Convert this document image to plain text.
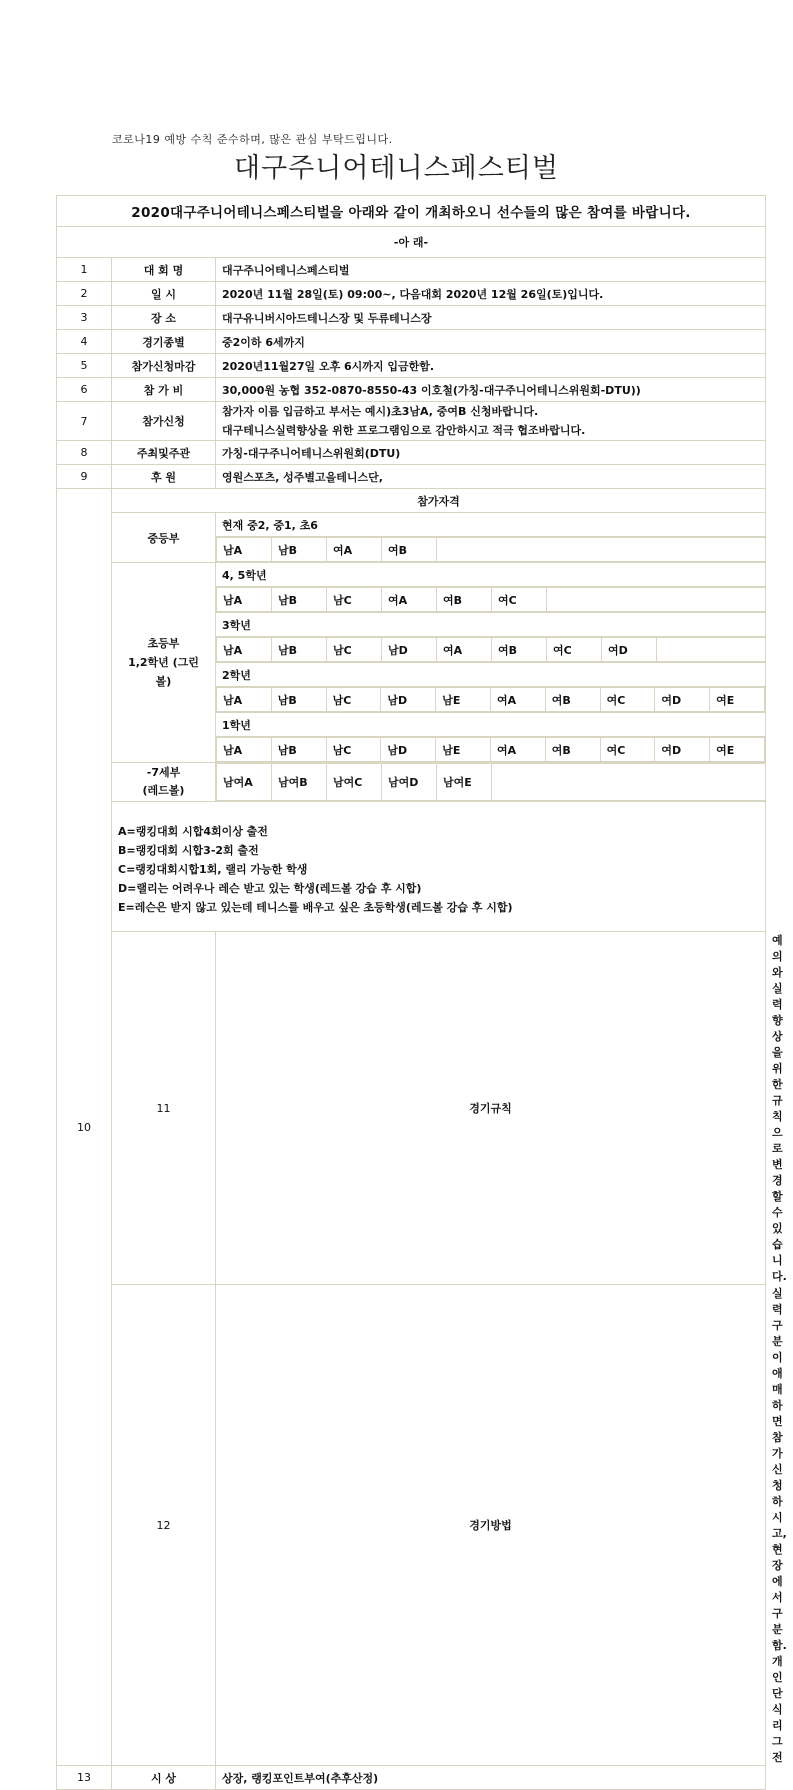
코로나19 예방 수칙 준수하며, 많은 관심 부탁드립니다.
대구주니어테니스페스티벌
2020대구주니어테니스페스티벌을 아래와 같이 개최하오니 선수들의 많은 참여를 바랍니다.
-아 래-
1	대 회 명	대구주니어테니스페스티벌
2	일 시	2020년 11월 28일(토) 09:00~, 다음대회 2020년 12월 26일(토)입니다.
3	장 소	대구유니버시아드테니스장 및 두류테니스장
4	경기종별	중2이하 6세까지
5	참가신청마감	2020년11월27일 오후 6시까지 입금한함.
6	참 가 비	30,000원 농협 352-0870-8550-43 이호철(가칭-대구주니어테니스위원회-DTU))
7	참가신청	
참가자 이름 입금하고 부서는 예시)초3남A, 중여B 신청바랍니다.
대구테니스실력향상을 위한 프로그램임으로 감안하시고 적극 협조바랍니다.

8	주최및주관	가칭-대구주니어테니스위원회(DTU)
9	후 원	영원스포츠, 성주별고을테니스단,
10	참가자격
중등부	현재 중2, 중1, 초6

남A	남B	여A	여B	

초등부
1,2학년 (그린
볼)
	4, 5학년

남A	남B	남C	여A	여B	여C	

3학년

남A	남B	남C	남D	여A	여B	여C	여D	

2학년

남A	남B	남C	남D	남E	여A	여B	여C	여D	여E

1학년

남A	남B	남C	남D	남E	여A	여B	여C	여D	여E

-7세부
(레드볼)

남여A	남여B	남여C	남여D	남여E	

A=랭킹대회 시합4회이상 출전
B=랭킹대회 시합3-2회 출전
C=랭킹대회시합1회, 랠리 가능한 학생
D=랠리는 어려우나 레슨 받고 있는 학생(레드볼 강습 후 시합)
E=레슨은 받지 않고 있는데 테니스를 배우고 싶은 초등학생(레드볼 강습 후 시합)

11	경기규칙	예의와 실력향상을 위한 규칙으로 변경할 수 있습니다.
12	경기방법	실력 구분이 애매하면 참가신청하시고, 현장에서 구분함. 개인단식 리그전
13	시 상	상장, 랭킹포인트부여(추후산정)
